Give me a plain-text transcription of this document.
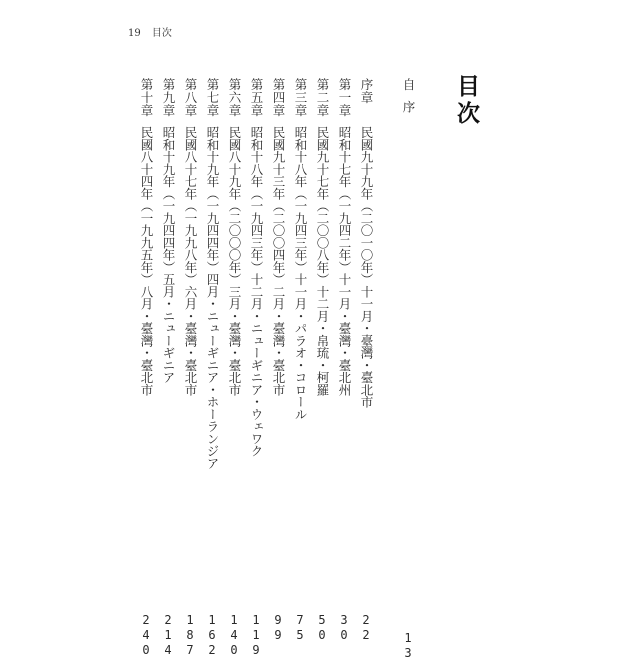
19 目次
目次
自序
13
序章
民國九十九年（二〇一〇年）十一月・臺灣・臺北市
22
第一章
昭和十七年（一九四二年）十一月・臺灣・臺北州
30
第二章
民國九十七年（二〇〇八年）十二月・帛琉・柯羅
50
第三章
昭和十八年（一九四三年）十一月・パラオ・コロール
75
第四章
民國九十三年（二〇〇四年）二月・臺灣・臺北市
99
第五章
昭和十八年（一九四三年）十二月・ニューギニア・ウェワク
119
第六章
民國八十九年（二〇〇〇年）三月・臺灣・臺北市
140
第七章
昭和十九年（一九四四年）四月・ニューギニア・ホーランジア
162
第八章
民國八十七年（一九九八年）六月・臺灣・臺北市
187
第九章
昭和十九年（一九四四年）五月・ニューギニア
214
第十章
民國八十四年（一九九五年）八月・臺灣・臺北市
240
